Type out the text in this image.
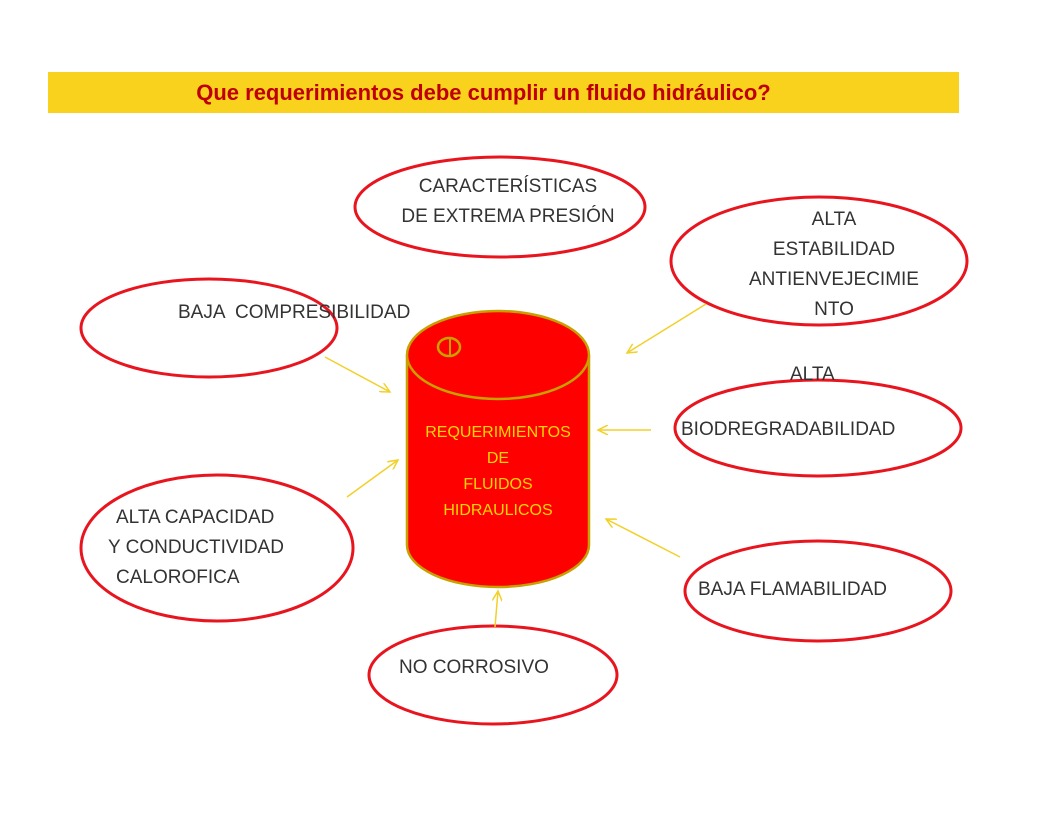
Que requerimientos debe cumplir un fluido hidráulico?
CARACTERÍSTICAS
DE EXTREMA PRESIÓN	ALTA
ESTABILIDAD
ANTIENVEJECIMIE
NTO
BAJA  COMPRESIBILIDAD
ALTA
BIODREGRADABILIDAD
ALTA CAPACIDAD
Y CONDUCTIVIDAD
CALOROFICA
BAJA FLAMABILIDAD
NO CORROSIVO
REQUERIMIENTOS
DE
FLUIDOS
HIDRAULICOS
